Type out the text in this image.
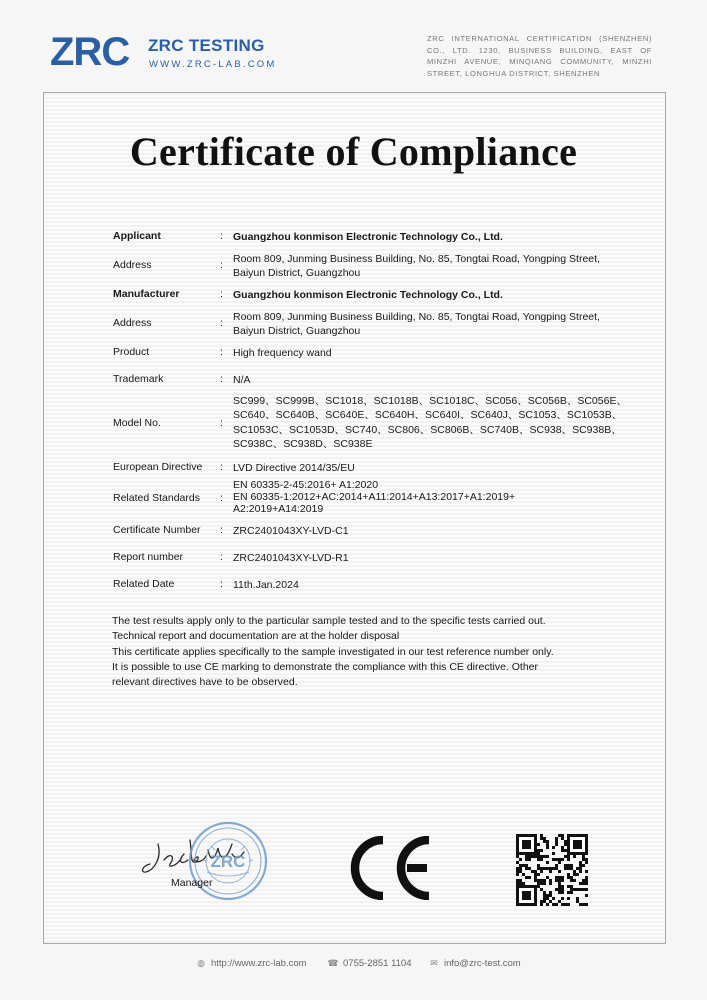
ZRC ZRC TESTING
WWW.ZRC-LAB.COM
ZRC INTERNATIONAL CERTIFICATION (SHENZHEN) CO., LTD. 1230, BUSINESS BUILDING, EAST OF MINZHI AVENUE, MINQIANG COMMUNITY, MINZHI STREET, LONGHUA DISTRICT, SHENZHEN
Certificate of Compliance
Applicant	: Guangzhou konmison Electronic Technology Co., Ltd.
Address	: Room 809, Junming Business Building, No. 85, Tongtai Road, Yongping Street,
Baiyun District, Guangzhou
Manufacturer	: Guangzhou konmison Electronic Technology Co., Ltd.
Address	: Room 809, Junming Business Building, No. 85, Tongtai Road, Yongping Street,
Baiyun District, Guangzhou
Product	: High frequency wand
Trademark	: N/A
Model No.	:
SC999、SC999B、SC1018、SC1018B、SC1018C、SC056、SC056B、SC056E、
SC640、SC640B、SC640E、SC640H、SC640I、SC640J、SC1053、SC1053B、
SC1053C、SC1053D、SC740、SC806、SC806B、SC740B、SC938、SC938B、
SC938C、SC938D、SC938E
European Directive : LVD Directive 2014/35/EU
Related Standards :
EN 60335-2-45:2016+ A1:2020
EN 60335-1:2012+AC:2014+A11:2014+A13:2017+A1:2019+
A2:2019+A14:2019
Certificate Number : ZRC2401043XY-LVD-C1
Report number	: ZRC2401043XY-LVD-R1
Related Date	: 11th.Jan.2024
The test results apply only to the particular sample tested and to the specific tests carried out.
Technical report and documentation are at the holder disposal
This certificate applies specifically to the sample investigated in our test reference number only.
It is possible to use CE marking to demonstrate the compliance with this CE directive. Other
relevant directives have to be observed.
ZRC
Manager
◍ http://www.zrc-lab.com ☎ 0755-2851 1104 ✉ info@zrc-test.com
